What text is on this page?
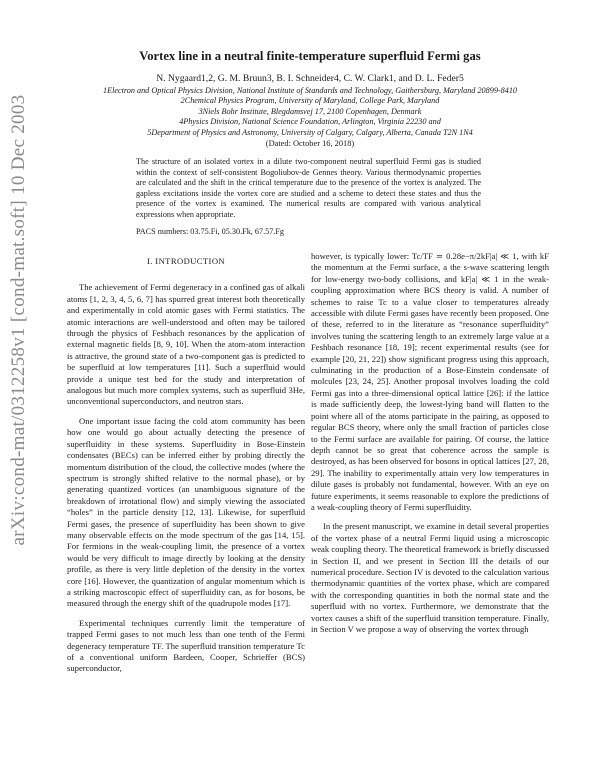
arXiv:cond-mat/0312258v1 [cond-mat.soft] 10 Dec 2003
Vortex line in a neutral finite-temperature superfluid Fermi gas
N. Nygaard1,2, G. M. Bruun3, B. I. Schneider4, C. W. Clark1, and D. L. Feder5
1Electron and Optical Physics Division, National Institute of Standards and Technology, Gaithersburg, Maryland 20899-8410
2Chemical Physics Program, University of Maryland, College Park, Maryland
3Niels Bohr Institute, Blegdamsvej 17, 2100 Copenhagen, Denmark
4Physics Division, National Science Foundation, Arlington, Virginia 22230 and
5Department of Physics and Astronomy, University of Calgary, Calgary, Alberta, Canada T2N 1N4
(Dated: October 16, 2018)
The structure of an isolated vortex in a dilute two-component neutral superfluid Fermi gas is studied within the context of self-consistent Bogoliubov-de Gennes theory. Various thermodynamic properties are calculated and the shift in the critical temperature due to the presence of the vortex is analyzed. The gapless excitations inside the vortex core are studied and a scheme to detect these states and thus the presence of the vortex is examined. The numerical results are compared with various analytical expressions when appropriate.
PACS numbers: 03.75.Fi, 05.30.Fk, 67.57.Fg
I. INTRODUCTION

The achievement of Fermi degeneracy in a confined gas of alkali atoms [1, 2, 3, 4, 5, 6, 7] has spurred great interest both theoretically and experimentally in cold atomic gases with Fermi statistics. The atomic interactions are well-understood and often may be tailored through the physics of Feshbach resonances by the application of external magnetic fields [8, 9, 10]. When the atom-atom interaction is attractive, the ground state of a two-component gas is predicted to be superfluid at low temperatures [11]. Such a superfluid would provide a unique test bed for the study and interpretation of analogous but much more complex systems, such as superfluid 3He, unconventional superconductors, and neutron stars.

One important issue facing the cold atom community has been how one would go about actually detecting the presence of superfluidity in these systems. Superfluidity in Bose-Einstein condensates (BECs) can be inferred either by probing directly the momentum distribution of the cloud, the collective modes (where the spectrum is strongly shifted relative to the normal phase), or by generating quantized vortices (an unambiguous signature of the breakdown of irrotational flow) and simply viewing the associated “holes” in the particle density [12, 13]. Likewise, for superfluid Fermi gases, the presence of superfluidity has been shown to give many observable effects on the mode spectrum of the gas [14, 15]. For fermions in the weak-coupling limit, the presence of a vortex would be very difficult to image directly by looking at the density profile, as there is very little depletion of the density in the vortex core [16]. However, the quantization of angular momentum which is a striking macroscopic effect of superfluidity can, as for bosons, be measured through the energy shift of the quadrupole modes [17].

Experimental techniques currently limit the temperature of trapped Fermi gases to not much less than one tenth of the Fermi degeneracy temperature TF. The superfluid transition temperature Tc of a conventional uniform Bardeen, Cooper, Schrieffer (BCS) superconductor,

however, is typically lower: Tc/TF ≃ 0.28e−π/2kF|a| ≪ 1, with kF the momentum at the Fermi surface, a the s-wave scattering length for low-energy two-body collisions, and kF|a| ≪ 1 in the weak-coupling approximation where BCS theory is valid. A number of schemes to raise Tc to a value closer to temperatures already accessible with dilute Fermi gases have recently been proposed. One of these, referred to in the literature as “resonance superfluidity” involves tuning the scattering length to an extremely large value at a Feshbach resonance [18, 19]; recent experimental results (see for example [20, 21, 22]) show significant progress using this approach, culminating in the production of a Bose-Einstein condensate of molcules [23, 24, 25]. Another proposal involves loading the cold Fermi gas into a three-dimensional optical lattice [26]: if the lattice is made sufficiently deep, the lowest-lying band will flatten to the point where all of the atoms participate in the pairing, as opposed to regular BCS theory, where only the small fraction of particles close to the Fermi surface are available for pairing. Of course, the lattice depth cannot be so great that coherence across the sample is destroyed, as has been observed for bosons in optical lattices [27, 28, 29]. The inability to experimentally attain very low temperatures in dilute gases is probably not fundamental, however. With an eye on future experiments, it seems reasonable to explore the predictions of a weak-coupling theory of Fermi superfluidity.

In the present manuscript, we examine in detail several properties of the vortex phase of a neutral Fermi liquid using a microscopic weak coupling theory. The theoretical framework is briefly discussed in Section II, and we present in Section III the details of our numerical procedure. Section IV is devoted to the calculation various thermodynamic quantities of the vortex phase, which are compared with the corresponding quantities in both the normal state and the superfluid with no vortex. Furthermore, we demonstrate that the vortex causes a shift of the superfluid transition temperature. Finally, in Section V we propose a way of observing the vortex through
